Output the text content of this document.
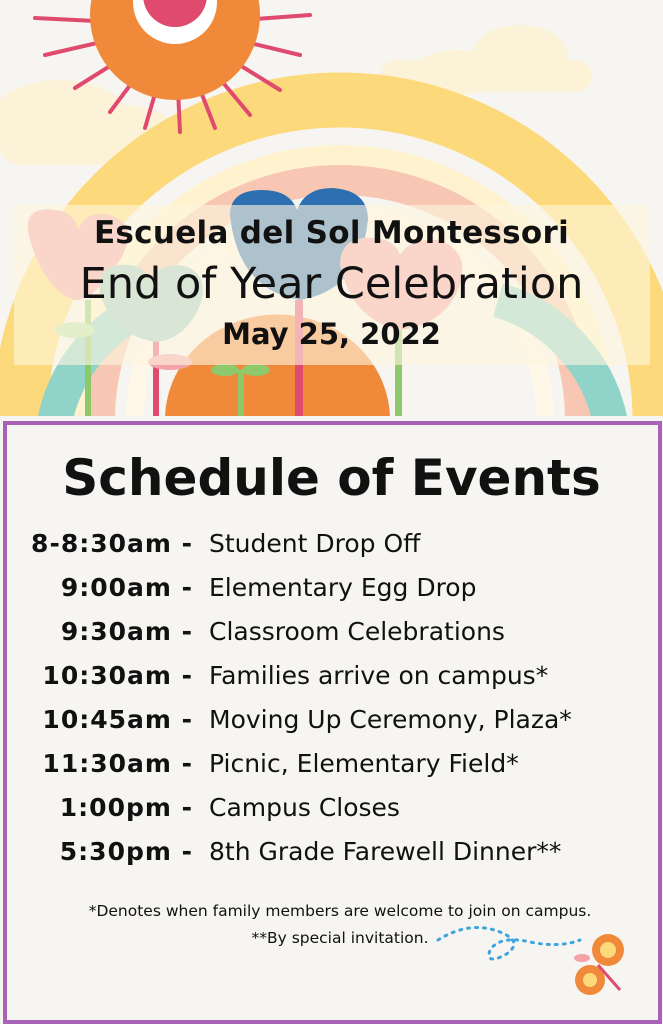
Escuela del Sol Montessori
End of Year Celebration
May 25, 2022
Schedule of Events
8-8:30am - Student Drop Off
9:00am - Elementary Egg Drop
9:30am - Classroom Celebrations
10:30am - Families arrive on campus*
10:45am - Moving Up Ceremony, Plaza*
11:30am - Picnic, Elementary Field*
1:00pm - Campus Closes
5:30pm - 8th Grade Farewell Dinner**
*Denotes when family members are welcome to join on campus.
**By special invitation.
